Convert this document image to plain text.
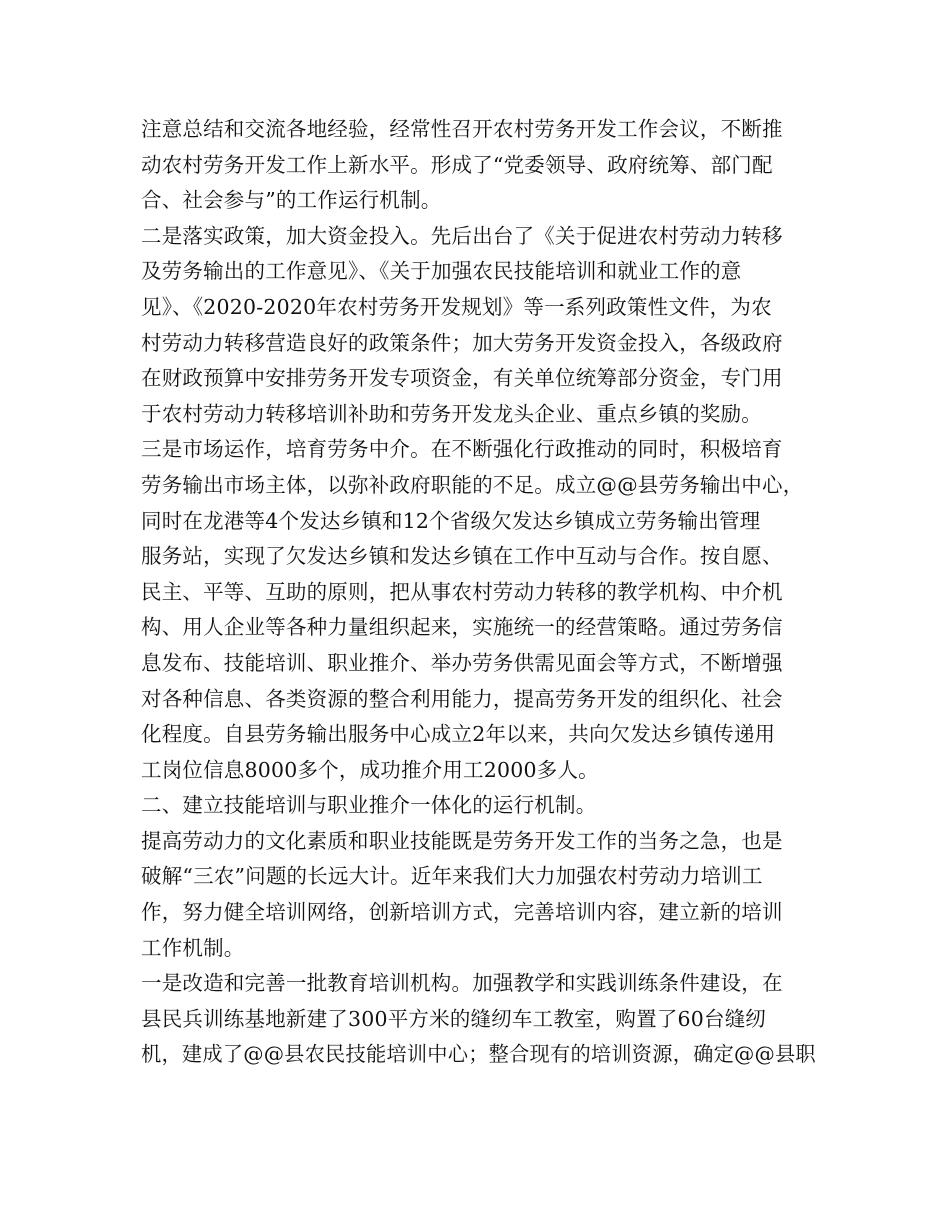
注意总结和交流各地经验，经常性召开农村劳务开发工作会议，不断推
动农村劳务开发工作上新水平。形成了“党委领导、政府统筹、部门配
合、社会参与”的工作运行机制。
二是落实政策，加大资金投入。先后出台了《关于促进农村劳动力转移
及劳务输出的工作意见》、《关于加强农民技能培训和就业工作的意
见》、《2020-2020年农村劳务开发规划》等一系列政策性文件，为农
村劳动力转移营造良好的政策条件；加大劳务开发资金投入，各级政府
在财政预算中安排劳务开发专项资金，有关单位统筹部分资金，专门用
于农村劳动力转移培训补助和劳务开发龙头企业、重点乡镇的奖励。
三是市场运作，培育劳务中介。在不断强化行政推动的同时，积极培育
劳务输出市场主体，以弥补政府职能的不足。成立@@县劳务输出中心，
同时在龙港等4个发达乡镇和12个省级欠发达乡镇成立劳务输出管理
服务站，实现了欠发达乡镇和发达乡镇在工作中互动与合作。按自愿、
民主、平等、互助的原则，把从事农村劳动力转移的教学机构、中介机
构、用人企业等各种力量组织起来，实施统一的经营策略。通过劳务信
息发布、技能培训、职业推介、举办劳务供需见面会等方式，不断增强
对各种信息、各类资源的整合利用能力，提高劳务开发的组织化、社会
化程度。自县劳务输出服务中心成立2年以来，共向欠发达乡镇传递用
工岗位信息8000多个，成功推介用工2000多人。
二、建立技能培训与职业推介一体化的运行机制。
提高劳动力的文化素质和职业技能既是劳务开发工作的当务之急，也是
破解“三农”问题的长远大计。近年来我们大力加强农村劳动力培训工
作，努力健全培训网络，创新培训方式，完善培训内容，建立新的培训
工作机制。
一是改造和完善一批教育培训机构。加强教学和实践训练条件建设，在
县民兵训练基地新建了300平方米的缝纫车工教室，购置了60台缝纫
机，建成了@@县农民技能培训中心；整合现有的培训资源，确定@@县职
